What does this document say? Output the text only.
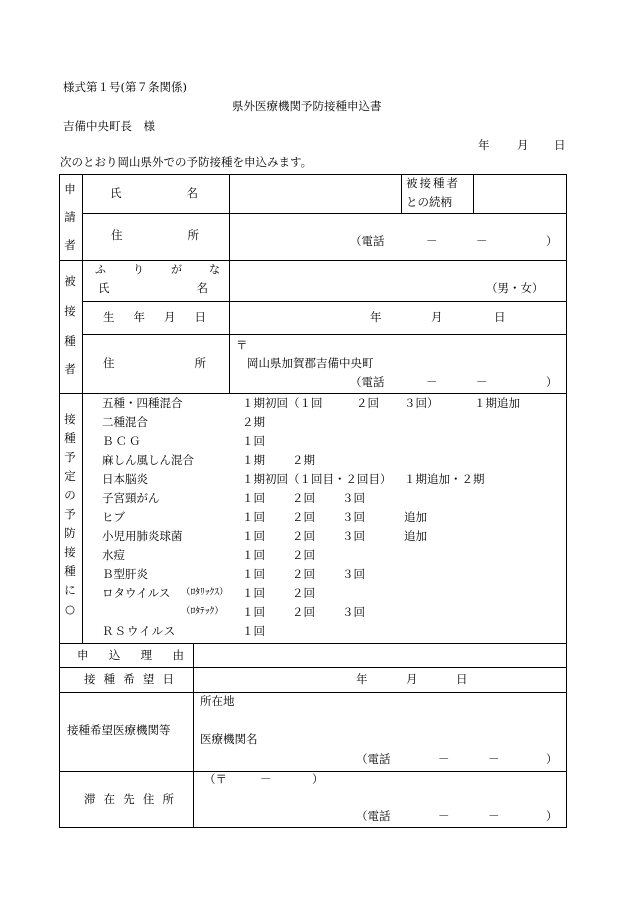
様式第１号(第７条関係)
県外医療機関予防接種申込書
吉備中央町長　様
年 月 日
次のとおり岡山県外での予防接種を申込みます。
申
請
者
氏	名
被接種者
との続柄
住	所	（電話	－	－	）
被
接
種
者
ふ り が な
氏	名	（男・女）
生 年 月 日	年	月	日
住	所
〒
岡山県加賀郡吉備中央町
（電話	－	－	）
接
種
予
定
の
予
防
接
種
に
○
五種・四種混合	１期初回（１回	２回 ３回）	１期追加
二種混合	２期
ＢＣＧ	１回
麻しん風しん混合	１期 ２期
日本脳炎	１期初回（１回目・２回目） １期追加・２期
子宮頸がん	１回 ２回 ３回
ヒブ	１回 ２回 ３回	追加
小児用肺炎球菌	１回 ２回 ３回	追加
水痘	１回 ２回
Ｂ型肝炎	１回 ２回 ３回
ロタウイルス （ﾛﾀﾘｯｸｽ） １回 ２回
（ﾛﾀﾃｯｸ） １回 ２回 ３回
ＲＳウイルス	１回
申 込 理 由
接 種 希 望 日	年	月	日
接種希望医療機関等
所在地
医療機関名
（電話	－	－	）
滞 在 先 住 所
（〒	－	）
（電話	－	－	）
